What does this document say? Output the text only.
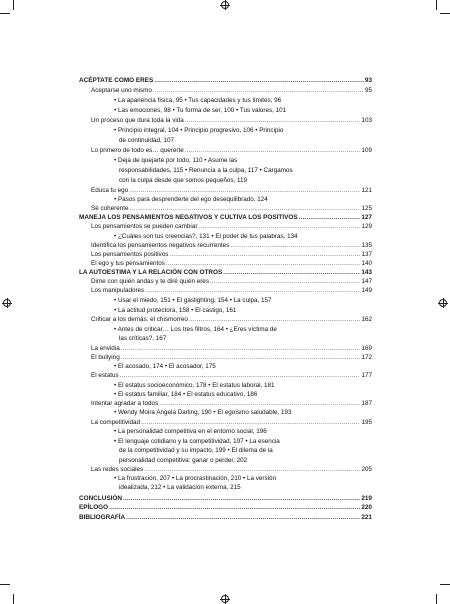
ACÉPTATE COMO ERES .....	93
Aceptarse uno mismo .....	95
• La apariencia física, 95 • Tus capacidades y tus límites, 96
• Las emociones, 98 • Tu forma de ser, 100 • Tus valores, 101
Un proceso que dura toda la vida .....	103
• Principio integral, 104 • Principio progresivo, 106 • Principio
de continuidad, 107
Lo primero de todo es… quererte .....	109
• Deja de quejarte por todo, 110 • Asume las
responsabilidades, 115 • Renuncia a la culpa, 117 • Cargamos
con la culpa desde que somos pequeños, 119
Educa tu ego .....	121
• Pasos para desprenderte del ego desequilibrado, 124
Sé coherente .....	125
MANEJA LOS PENSAMIENTOS NEGATIVOS Y CULTIVA LOS POSITIVOS .....	127
Los pensamientos se pueden cambiar .....	129
• ¿Cuáles son tus creencias?, 131 • El poder de tus palabras, 134
Identifica los pensamientos negativos recurrentes .....	135
Los pensamientos positivos .....	137
El ego y tus pensamientos .....	140
LA AUTOESTIMA Y LA RELACIÓN CON OTROS .....	143
Dime con quién andas y te diré quién eres .....	147
Los manipuladores .....	149
• Usar el miedo, 151 • El gaslighting, 154 • La culpa, 157
• La actitud protectora, 158 • El castigo, 161
Criticar a los demás: el chismorreo .....	162
• Antes de criticar… Los tres filtros, 164 • ¿Eres víctima de
las críticas?, 167
La envidia .....	169
El bullying .....	172
• El acosado, 174 • El acosador, 175
El estatus .....	177
• El estatus socioeconómico, 178 • El estatus laboral, 181
• El estatus familiar, 184 • El estatus educativo, 186
Intentar agradar a todos .....	187
• Wendy Moira Angela Darling, 190 • El egoísmo saludable, 193
La competitividad .....	195
• La personalidad competitiva en el entorno social, 196
• El lenguaje cotidiano y la competitividad, 197 • La esencia
de la competitividad y su impacto, 199 • El dilema de la
personalidad competitiva: ganar o perder, 202
Las redes sociales .....	205
• La frustración, 207 • La procrastinación, 210 • La versión
idealizada, 212 • La validación externa, 215
CONCLUSIÓN .....	219
EPÍLOGO .....	220
BIBLIOGRAFÍA .....	221
